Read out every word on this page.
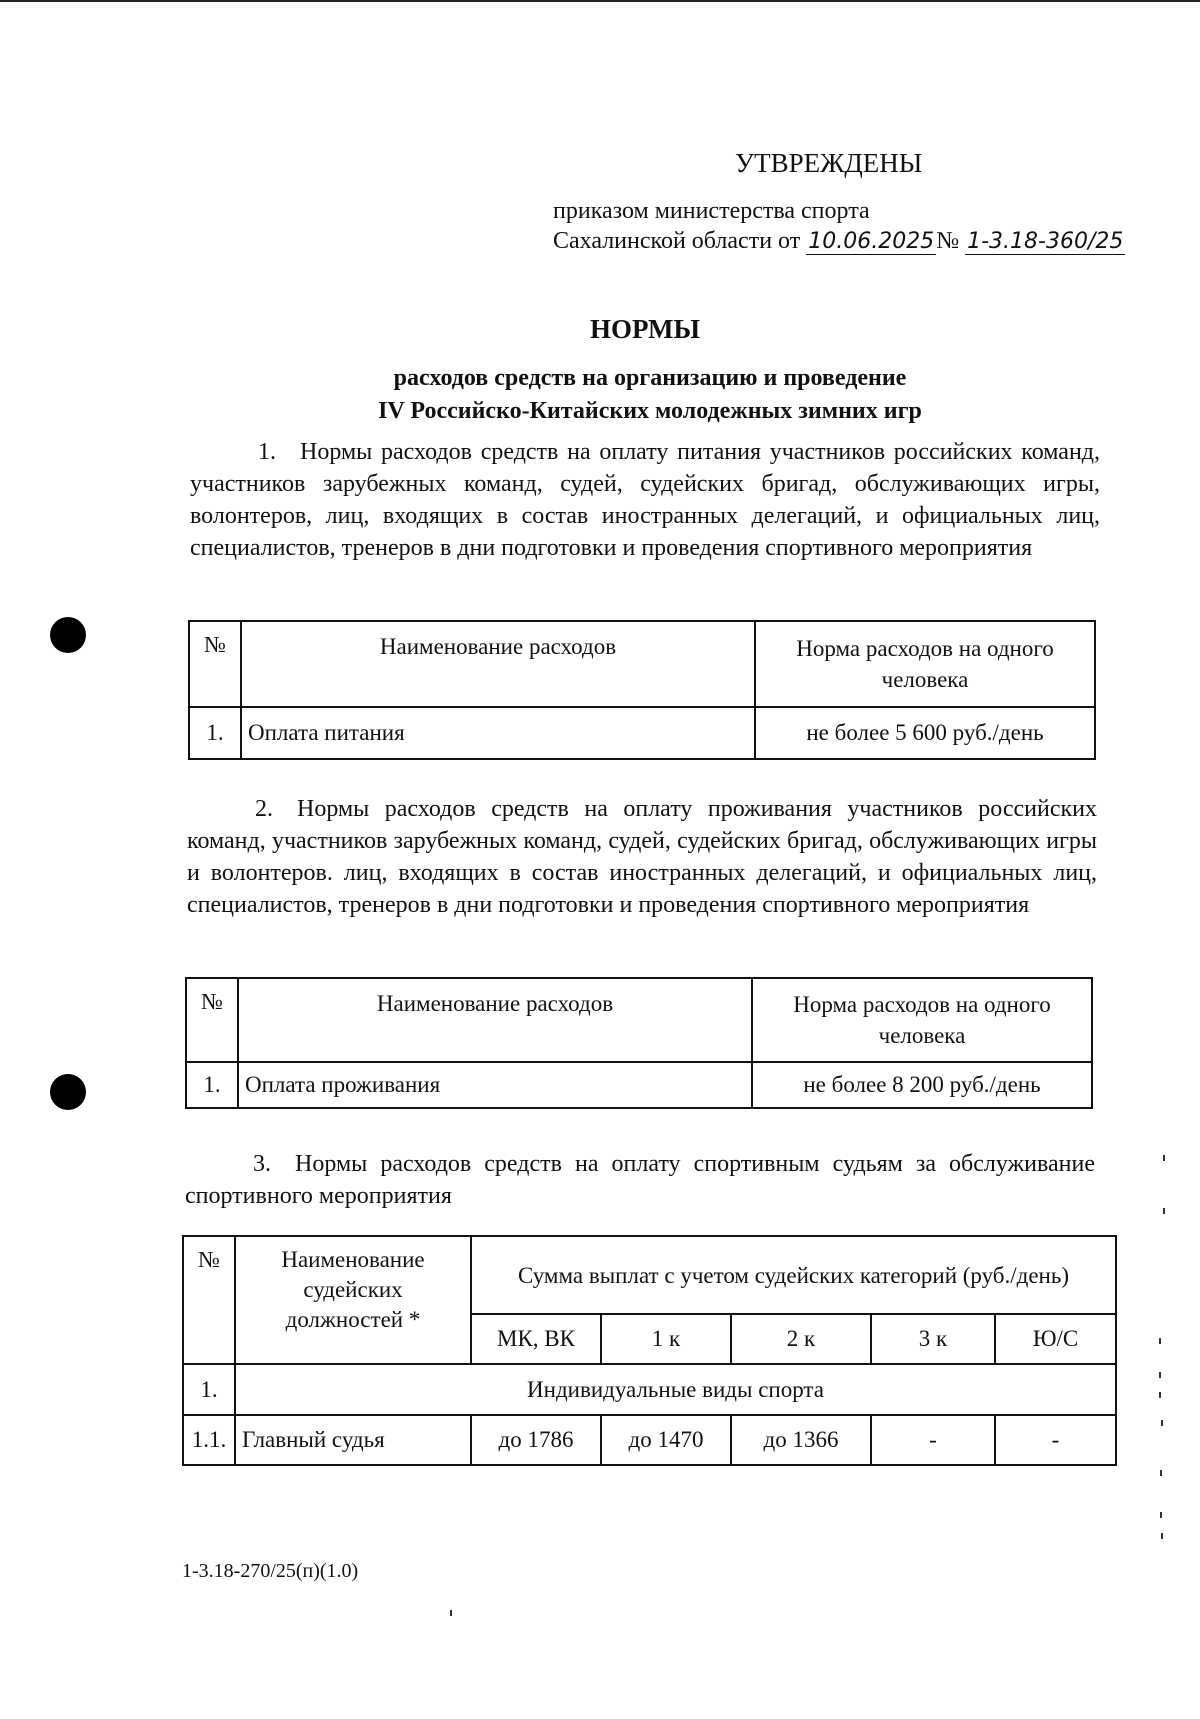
УТВРЕЖДЕНЫ
приказом министерства спорта
Сахалинской области от 10.06.2025№ 1-3.18-360/25
НОРМЫ
расходов средств на организацию и проведение
IV Российско-Китайских молодежных зимних игр
1. Нормы расходов средств на оплату питания участников российских команд, участников зарубежных команд, судей, судейских бригад, обслуживающих игры, волонтеров, лиц, входящих в состав иностранных делегаций, и официальных лиц, специалистов, тренеров в дни подготовки и проведения спортивного мероприятия
№	Наименование расходов	Норма расходов на одного человека
1.	Оплата питания	не более 5 600 руб./день
2. Нормы расходов средств на оплату проживания участников российских команд, участников зарубежных команд, судей, судейских бригад, обслуживающих игры и волонтеров. лиц, входящих в состав иностранных делегаций, и официальных лиц, специалистов, тренеров в дни подготовки и проведения спортивного мероприятия
№	Наименование расходов	Норма расходов на одного человека
1.	Оплата проживания	не более 8 200 руб./день
3. Нормы расходов средств на оплату спортивным судьям за обслуживание спортивного мероприятия
№	Наименование судейских должностей *	Сумма выплат с учетом судейских категорий (руб./день)				
		МК, ВК	1 к	2 к	3 к	Ю/С
1.	Индивидуальные виды спорта					
1.1.	Главный судья	до 1786	до 1470	до 1366	-	-
1-3.18-270/25(п)(1.0)
